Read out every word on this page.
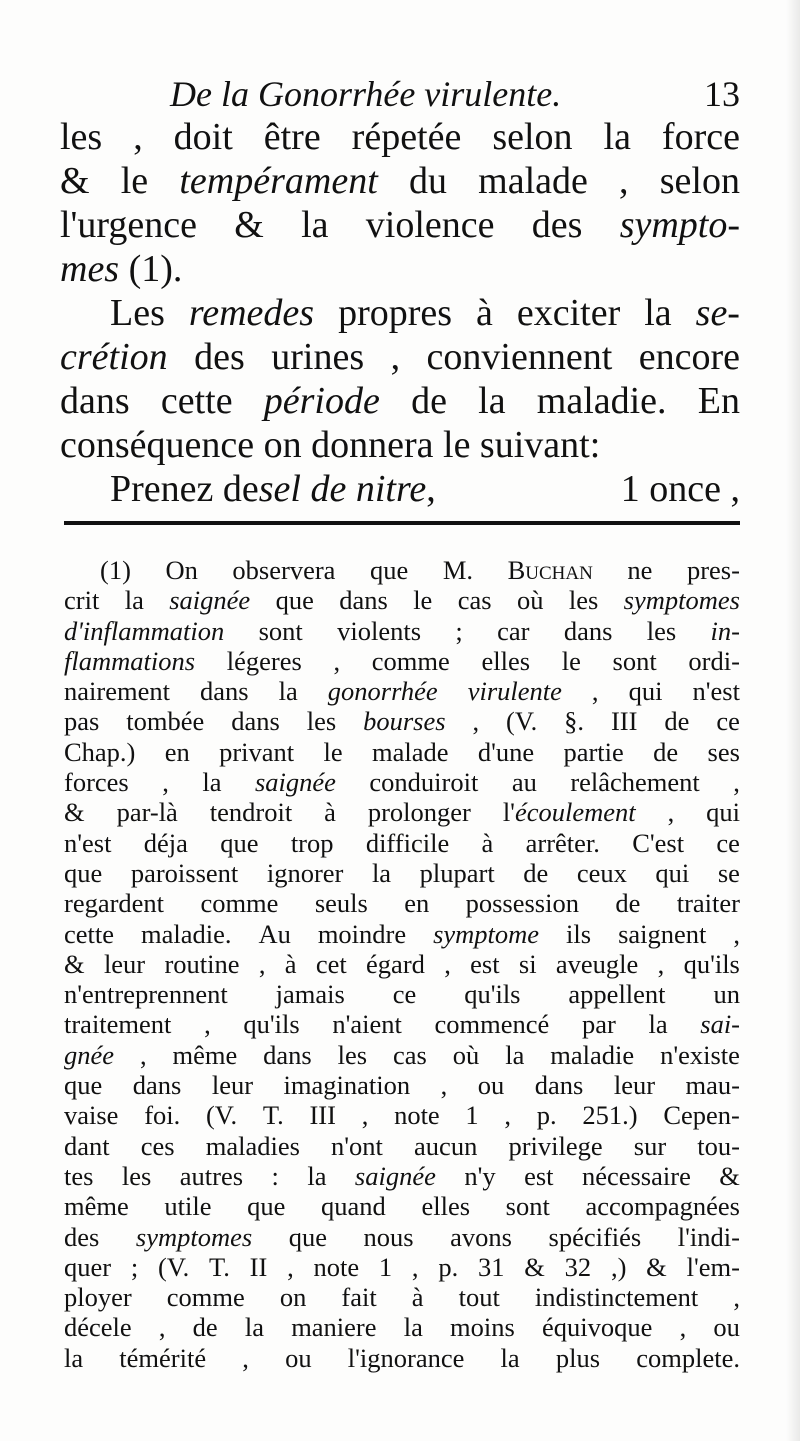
De la Gonorrhée virulente.	13
les , doit être répetée selon la force
& le tempérament du malade , selon
l'urgence & la violence des sympto-
mes (1).
Les remedes propres à exciter la se-
crétion des urines , conviennent encore
dans cette période de la maladie. En
conséquence on donnera le suivant:
Prenez desel de nitre,	1 once ,
(1) On observera que M. Buchan ne pres-
crit la saignée que dans le cas où les symptomes
d'inflammation sont violents ; car dans les in-
flammations légeres , comme elles le sont ordi-
nairement dans la gonorrhée virulente , qui n'est
pas tombée dans les bourses , (V. §. III de ce
Chap.) en privant le malade d'une partie de ses
forces , la saignée conduiroit au relâchement ,
& par-là tendroit à prolonger l'écoulement , qui
n'est déja que trop difficile à arrêter. C'est ce
que paroissent ignorer la plupart de ceux qui se
regardent comme seuls en possession de traiter
cette maladie. Au moindre symptome ils saignent ,
& leur routine , à cet égard , est si aveugle , qu'ils
n'entreprennent jamais ce qu'ils appellent un
traitement , qu'ils n'aient commencé par la sai-
gnée , même dans les cas où la maladie n'existe
que dans leur imagination , ou dans leur mau-
vaise foi. (V. T. III , note 1 , p. 251.) Cepen-
dant ces maladies n'ont aucun privilege sur tou-
tes les autres : la saignée n'y est nécessaire &
même utile que quand elles sont accompagnées
des symptomes que nous avons spécifiés l'indi-
quer ; (V. T. II , note 1 , p. 31 & 32 ,) & l'em-
ployer comme on fait à tout indistinctement ,
décele , de la maniere la moins équivoque , ou
la témérité , ou l'ignorance la plus complete.
